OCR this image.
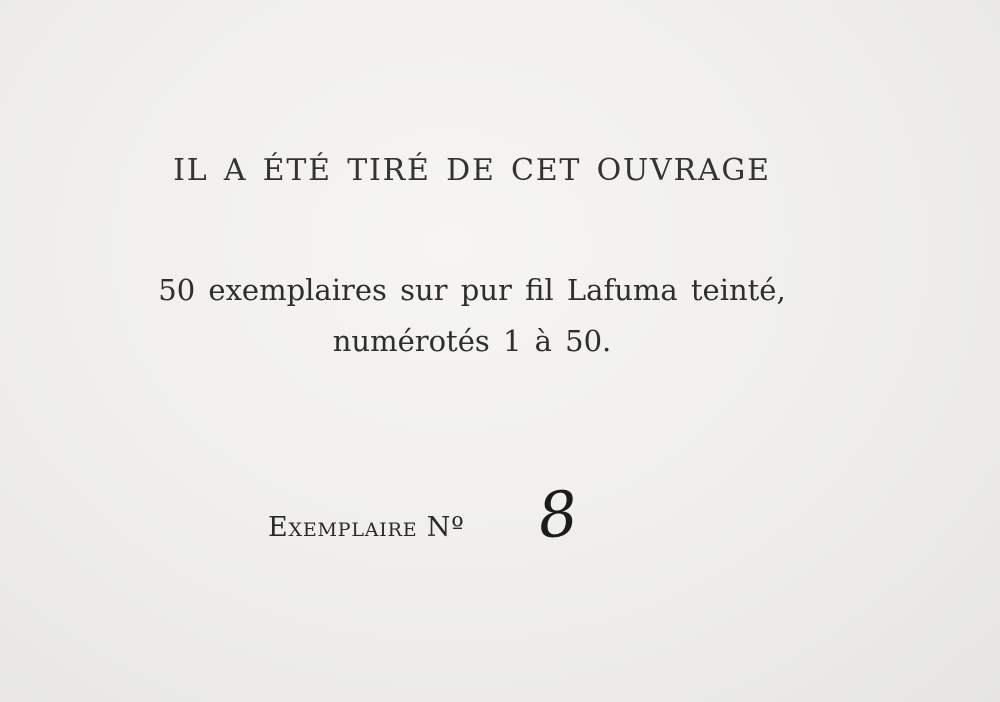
IL A ÉTÉ TIRÉ DE CET OUVRAGE
50 exemplaires sur pur fil Lafuma teinté,
numérotés 1 à 50.
Exemplaire Nº 8
